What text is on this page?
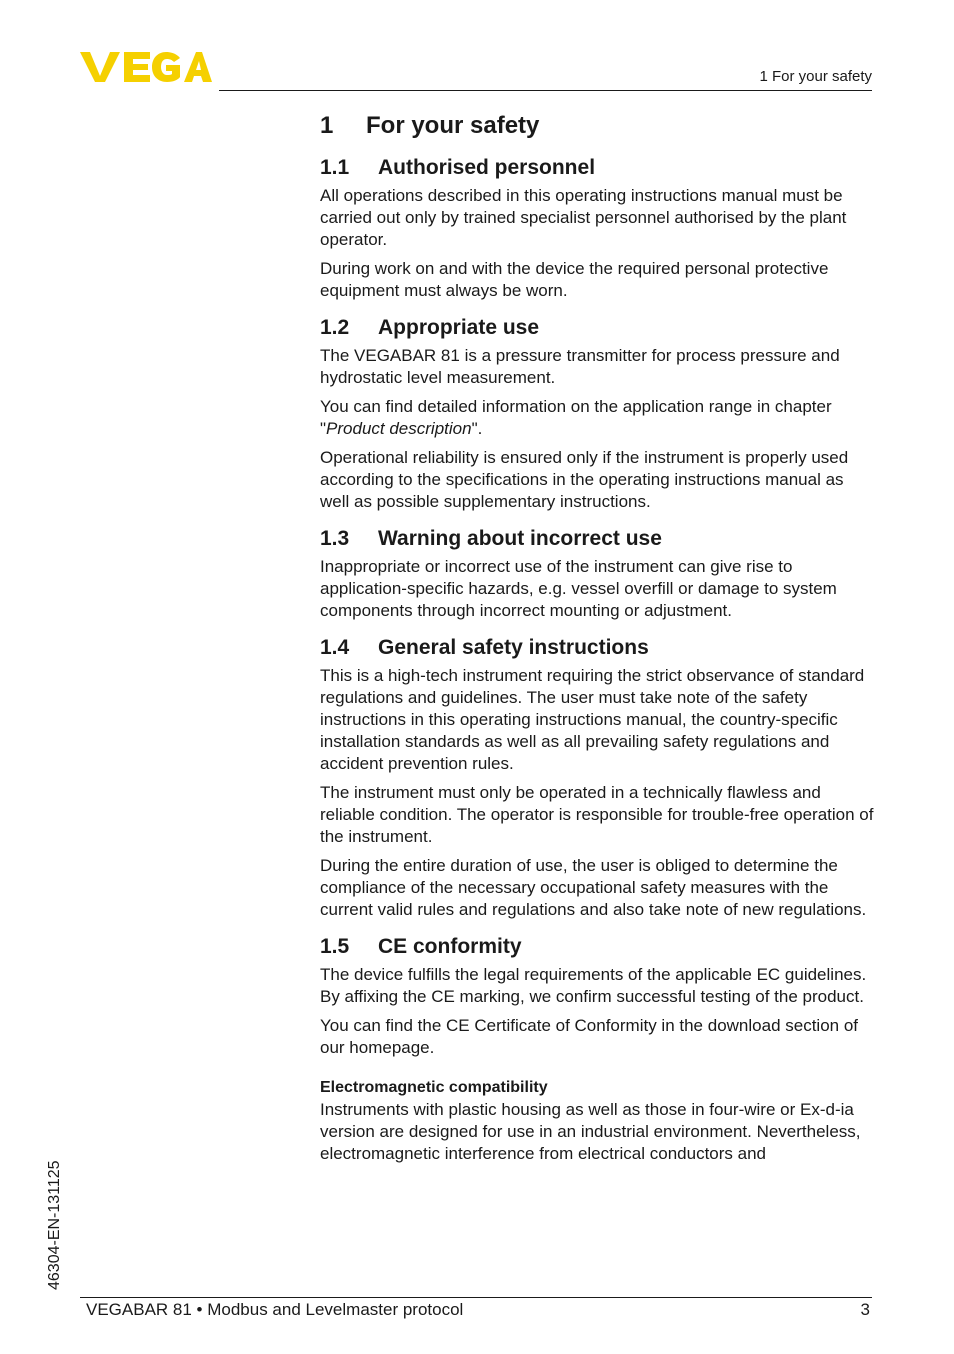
1 For your safety
1	For your safety
1.1	Authorised personnel

All operations described in this operating instructions manual must be carried out only by trained specialist personnel authorised by the plant operator.

During work on and with the device the required personal protective equipment must always be worn.

1.2	Appropriate use

The VEGABAR 81 is a pressure transmitter for process pressure and hydrostatic level measurement.

You can find detailed information on the application range in chapter "Product description".

Operational reliability is ensured only if the instrument is properly used according to the specifications in the operating instructions manual as well as possible supplementary instructions.

1.3	Warning about incorrect use

Inappropriate or incorrect use of the instrument can give rise to application-specific hazards, e.g. vessel overfill or damage to system components through incorrect mounting or adjustment.

1.4	General safety instructions

This is a high-tech instrument requiring the strict observance of standard regulations and guidelines. The user must take note of the safety instructions in this operating instructions manual, the country-specific installation standards as well as all prevailing safety regulations and accident prevention rules.

The instrument must only be operated in a technically flawless and reliable condition. The operator is responsible for trouble-free operation of the instrument.

During the entire duration of use, the user is obliged to determine the compliance of the necessary occupational safety measures with the current valid rules and regulations and also take note of new regulations.

1.5	CE conformity

The device fulfills the legal requirements of the applicable EC guidelines. By affixing the CE marking, we confirm successful testing of the product.

You can find the CE Certificate of Conformity in the download section of our homepage.

Electromagnetic compatibility

Instruments with plastic housing as well as those in four-wire or Ex-d-ia version are designed for use in an industrial environment. Nevertheless, electromagnetic interference from electrical conductors and

46304-EN-131125
VEGABAR 81 • Modbus and Levelmaster protocol	3
